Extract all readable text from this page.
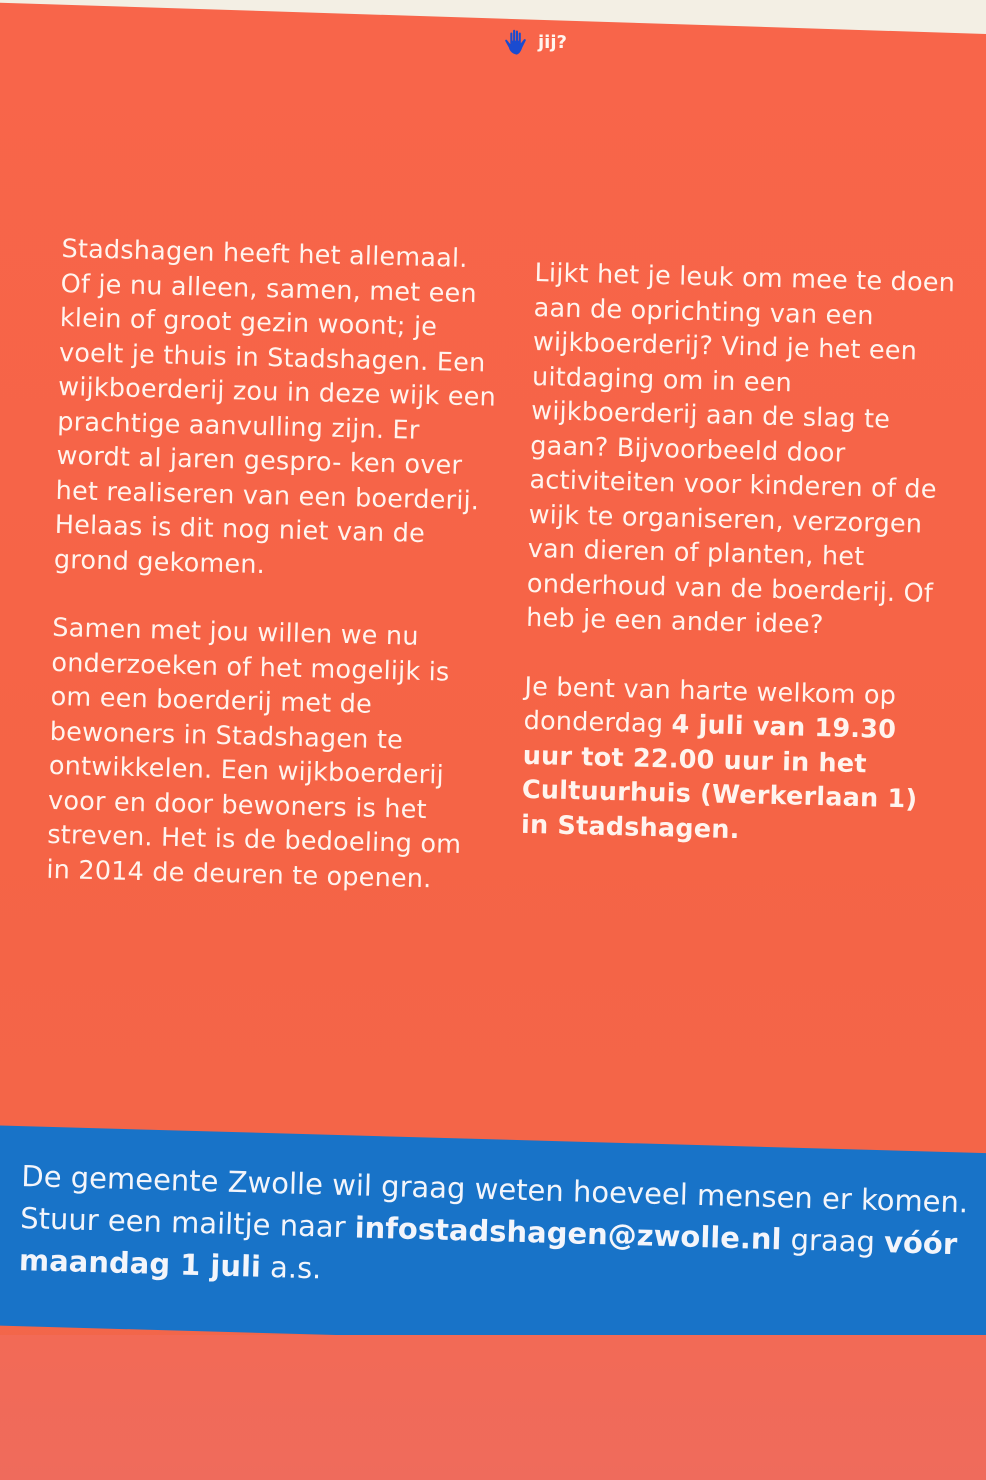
jij?

Stadshagen heeft het allemaal. Of je nu alleen, samen, met een klein of groot gezin woont; je voelt je thuis in Stadshagen. Een wijkboerderij zou in deze wijk een prachtige aanvulling zijn. Er wordt al jaren gespro- ken over het realiseren van een boerderij. Helaas is dit nog niet van de grond gekomen.

Samen met jou willen we nu onderzoeken of het mogelijk is om een boerderij met de bewoners in Stadshagen te ontwikkelen. Een wijkboerderij voor en door bewoners is het streven. Het is de bedoeling om in 2014 de deuren te openen.

Lijkt het je leuk om mee te doen aan de oprichting van een wijkboerderij? Vind je het een uitdaging om in een wijkboerderij aan de slag te gaan? Bijvoorbeeld door activiteiten voor kinderen of de wijk te organiseren, verzorgen van dieren of planten, het onderhoud van de boerderij. Of heb je een ander idee?

Je bent van harte welkom op donderdag 4 juli van 19.30 uur tot 22.00 uur in het Cultuurhuis (Werkerlaan 1) in Stadshagen.

De gemeente Zwolle wil graag weten hoeveel mensen er komen. Stuur een mailtje naar infostadshagen@zwolle.nl graag vóór maandag 1 juli a.s.
